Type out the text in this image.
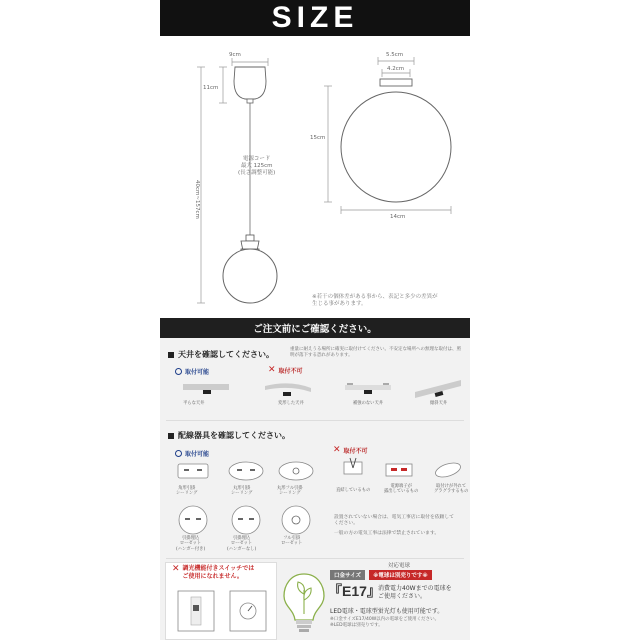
SIZE
9cm
11cm
40cm~157cm
電源コード
最大 125cm
(長さ調整可能)
5.5cm
4.2cm
15cm
14cm
※若干の個体差がある事から、表記と多少の差異が
生じる事があります。
ご注文前にご確認ください。
天井を確認してください。
重量に耐えうる場所に確実に取付けてください。不安定な場所への無理な取付は、照明が落下する恐れがあります。
取付可能	✕ 取付不可
平らな天井	変形した天井	補強のない天井	傾斜天井
配線器具を確認してください。
取付可能	✕ 取付不可
角形引掛
シーリング
丸形引掛
シーリング
丸形フル引掛
シーリング
引掛埋込
ローゼット
(ハンガー付き)
引掛埋込
ローゼット
(ハンガーなし)
フル引掛
ローゼット
直結しているもの
電源端子が
露出しているもの
取付けが外れて
グラグラするもの
設置されていない場合は、電気工事店に取付を依頼して
ください。
一般の方の電気工事は法律で禁止されています。
✕ 調光機能付きスイッチでは
ご使用になれません。
対応電球
口金サイズ	※電球は別売りです※
『E17』
消費電力40Wまでの電球を
ご使用ください。
LED電球・電球型蛍光灯も使用可能です。
※口金サイズE17/40W以内の電球をご使用ください。
※LED電球は別売りです。
